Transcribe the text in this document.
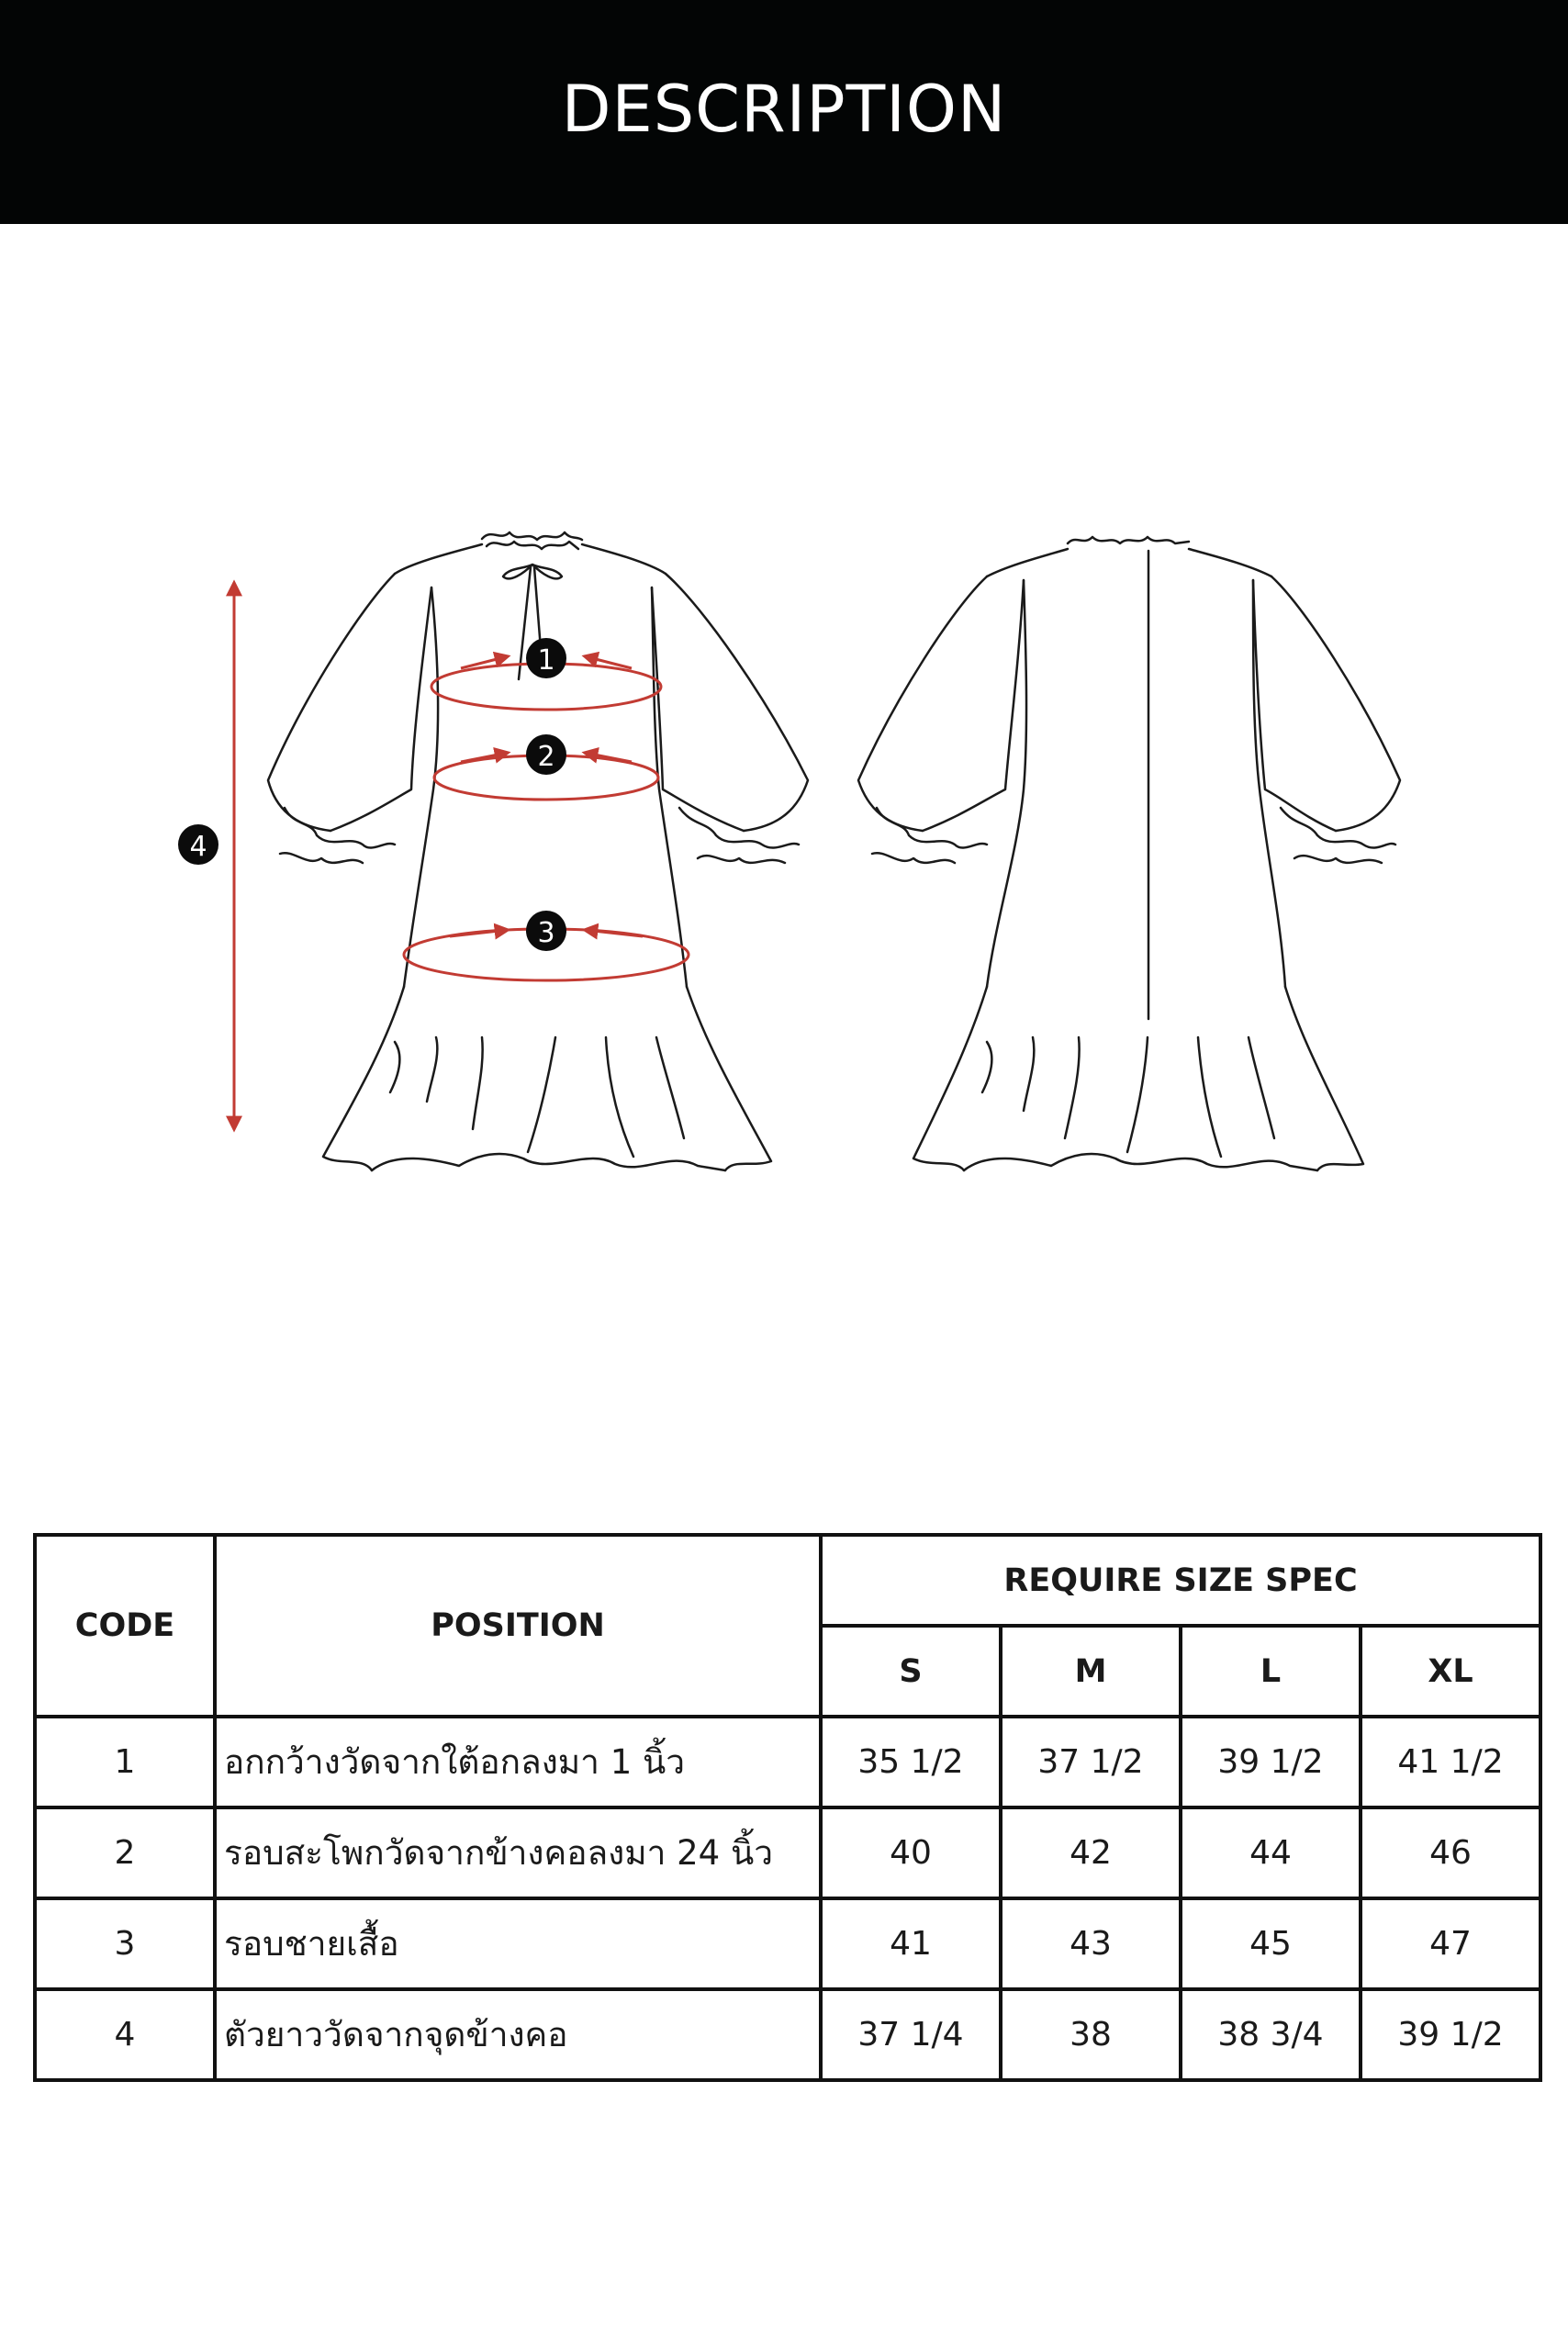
DESCRIPTION
1
2
3
4
CODE	POSITION	REQUIRE SIZE SPEC			
		S	M	L	XL
1	อกกว้างวัดจากใต้อกลงมา 1 นิ้ว	35 1/2	37 1/2	39 1/2	41 1/2
2	รอบสะโพกวัดจากข้างคอลงมา 24 นิ้ว	40	42	44	46
3	รอบชายเสื้อ	41	43	45	47
4	ตัวยาววัดจากจุดข้างคอ	37 1/4	38	38 3/4	39 1/2
